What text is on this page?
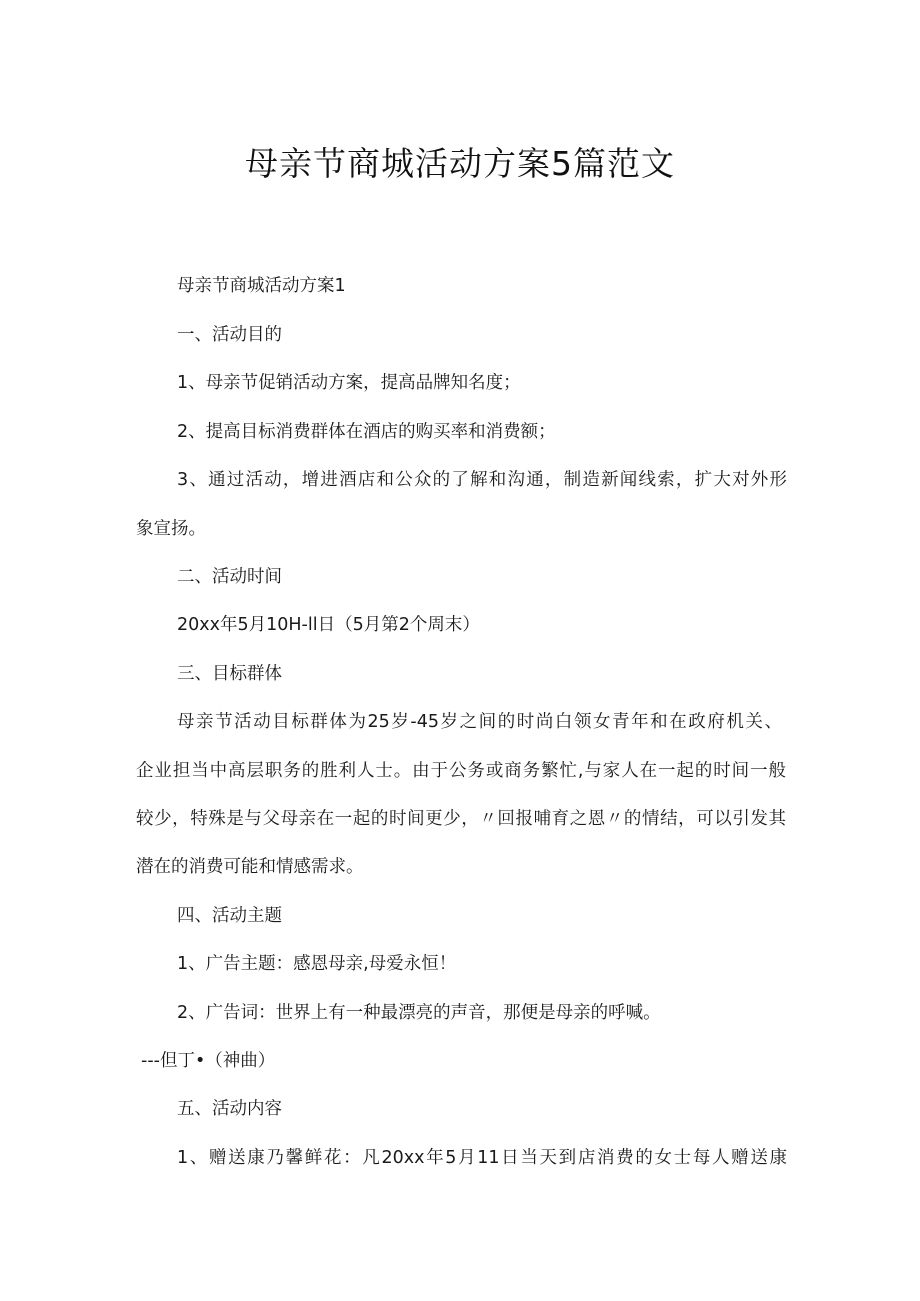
母亲节商城活动方案5篇范文
母亲节商城活动方案1
一、活动目的
1、母亲节促销活动方案，提高品牌知名度；
2、提高目标消费群体在酒店的购买率和消费额；
3、通过活动，增进酒店和公众的了解和沟通，制造新闻线索，扩大对外形
象宣扬。
二、活动时间
20xx年5月10H-ll日（5月第2个周末）
三、目标群体
母亲节活动目标群体为25岁-45岁之间的时尚白领女青年和在政府机关、
企业担当中高层职务的胜利人士。由于公务或商务繁忙,与家人在一起的时间一般
较少，特殊是与父母亲在一起的时间更少，〃回报哺育之恩〃的情结，可以引发其
潜在的消费可能和情感需求。
四、活动主题
1、广告主题：感恩母亲,母爱永恒！
2、广告词：世界上有一种最漂亮的声音，那便是母亲的呼喊。
---但丁•（神曲）
五、活动内容
1、赠送康乃馨鲜花：凡20xx年5月11日当天到店消费的女士每人赠送康
